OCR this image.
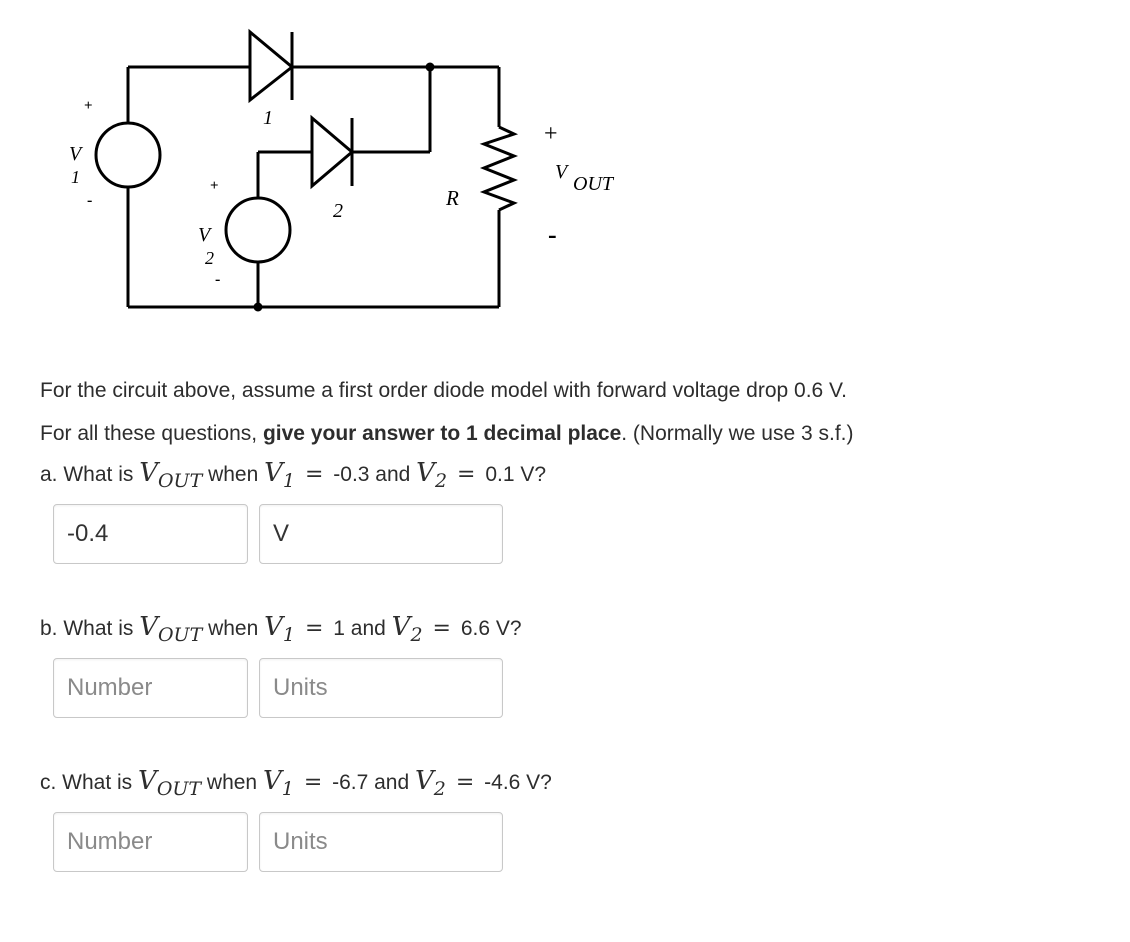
+
V
1
-
+
V
2
-
1
2
R
+
V
OUT
-
For the circuit above, assume a first order diode model with forward voltage drop 0.6 V.
For all these questions, give your answer to 1 decimal place. (Normally we use 3 s.f.)
a. What is $V_{OUT}$ when $V_1 = -0.3$ and $V_2 = 0.1$ V?
-0.4
V
b. What is $V_{OUT}$ when $V_1 = 1$ and $V_2 = 6.6$ V?
Number
Units
c. What is $V_{OUT}$ when $V_1 = -6.7$ and $V_2 = -4.6$ V?
Number
Units
